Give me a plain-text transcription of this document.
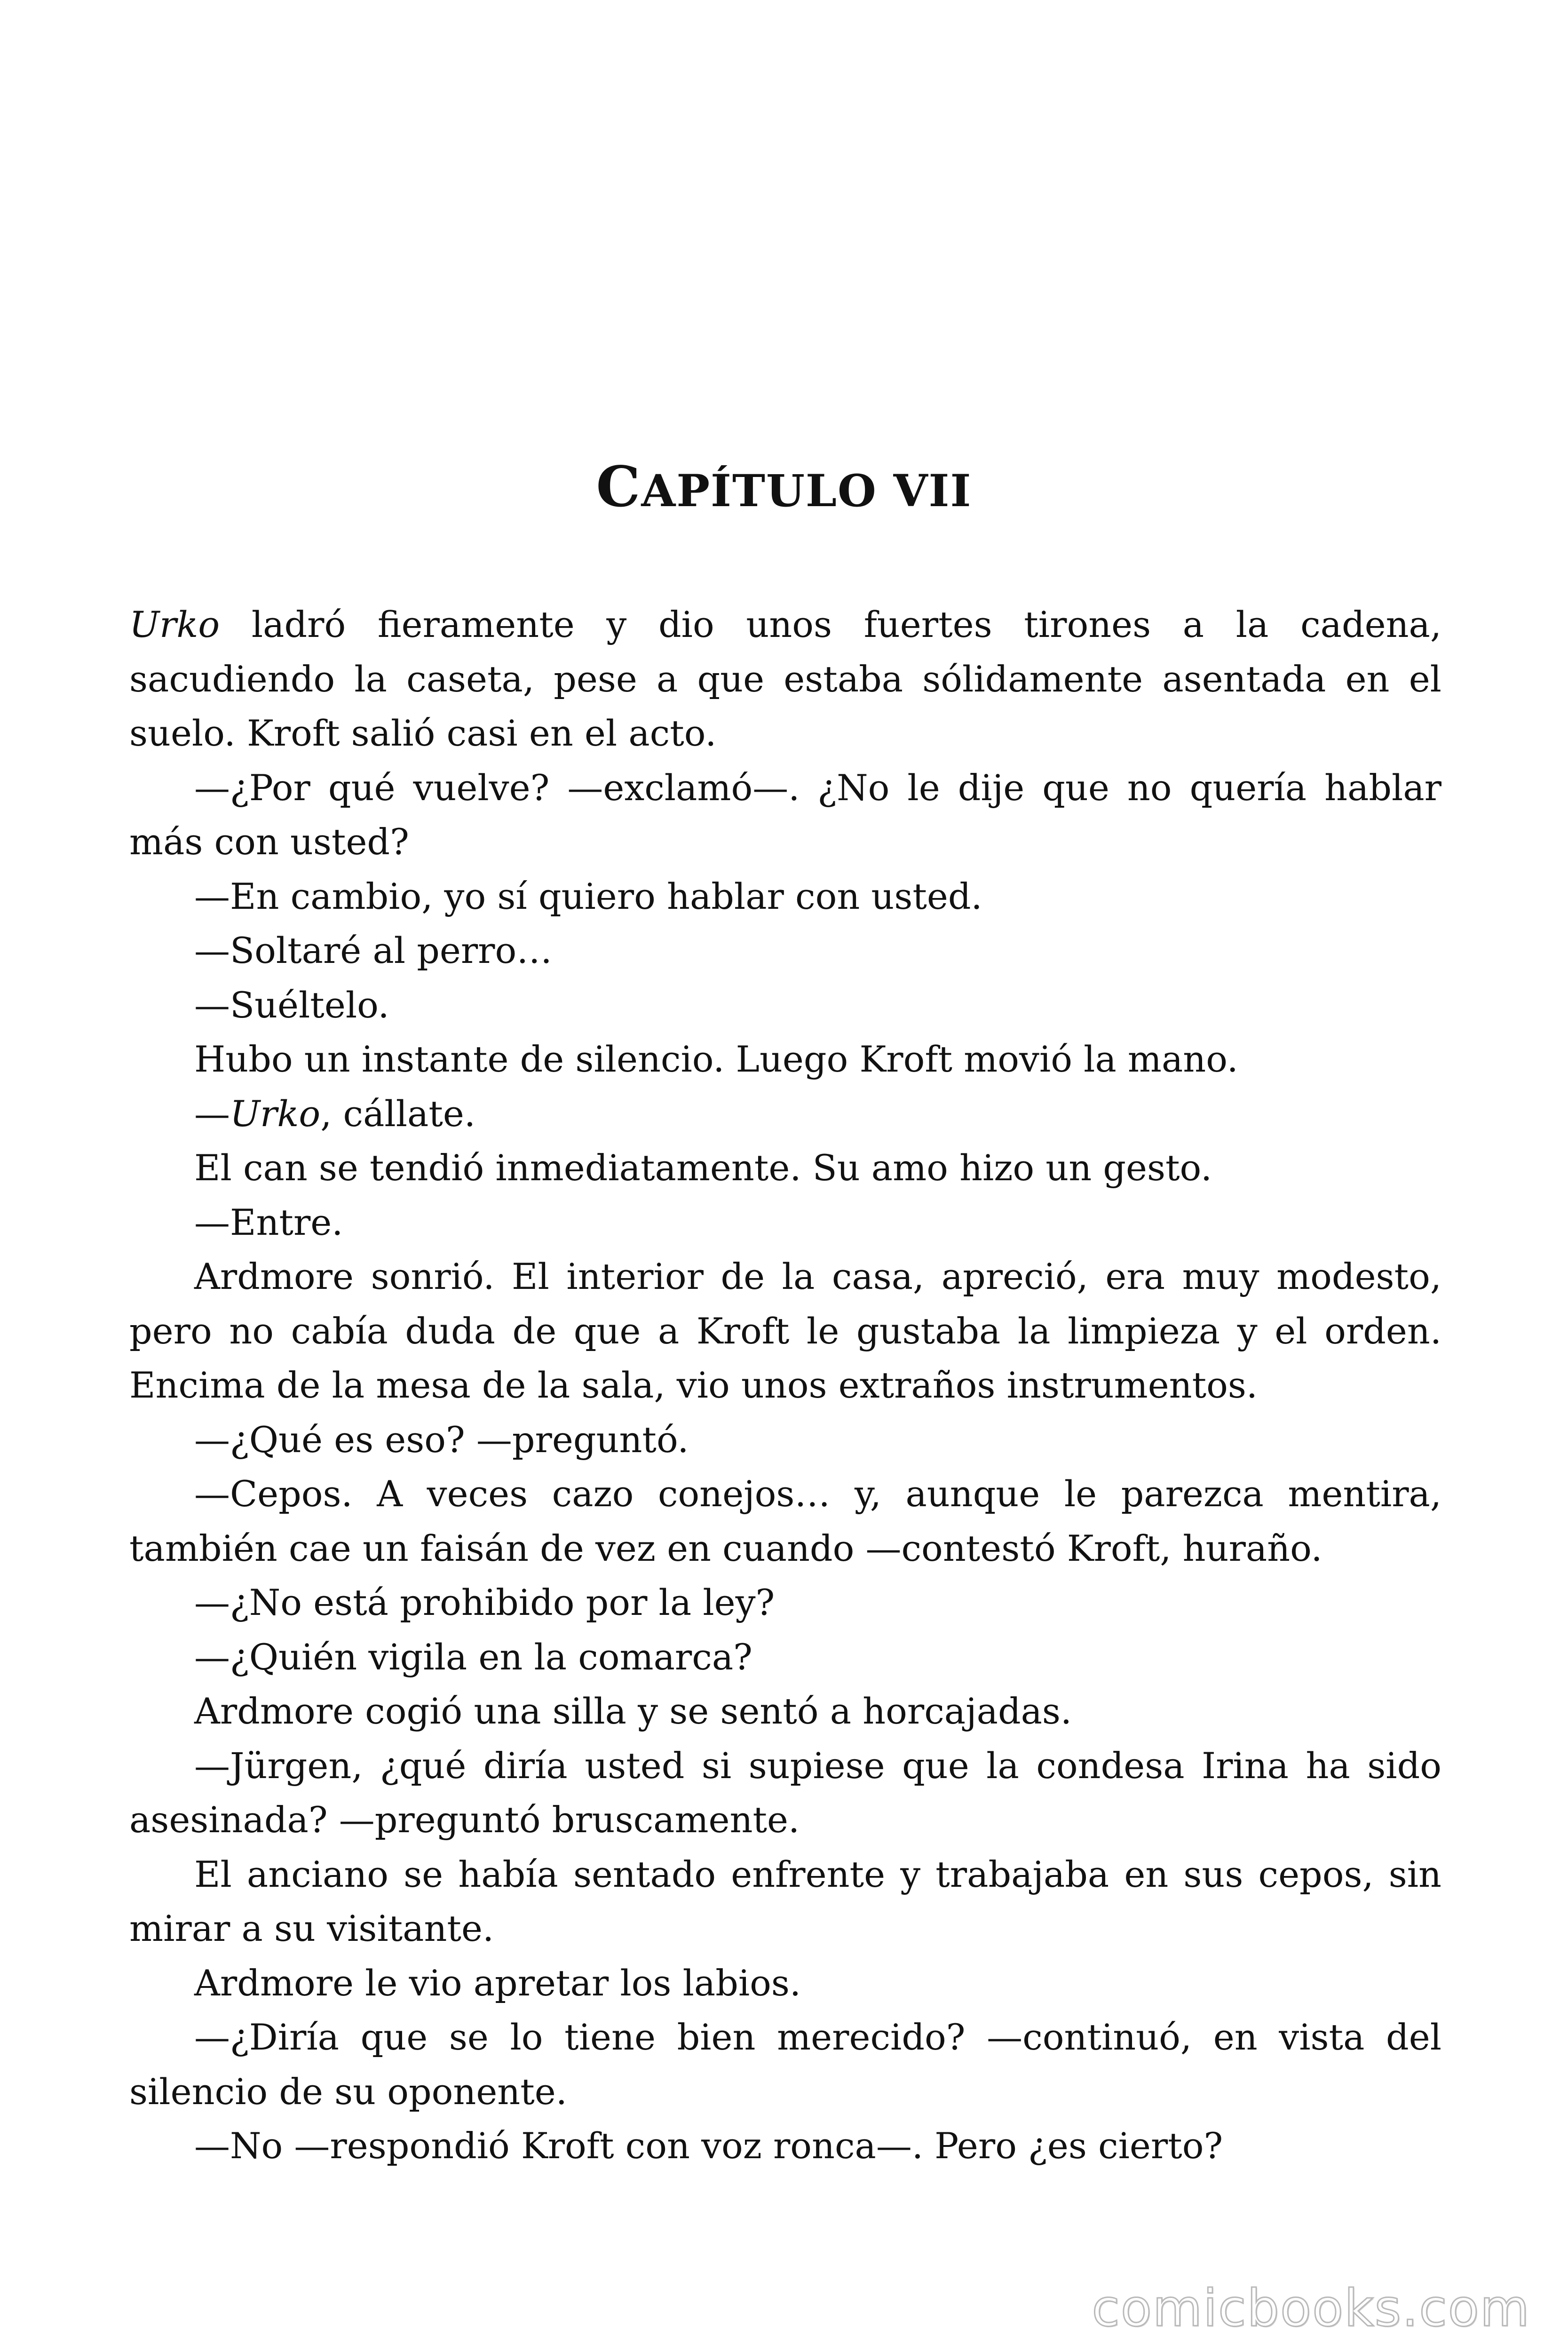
CAPÍTULO VII

Urko ladró fieramente y dio unos fuertes tirones a la cadena, sacudiendo la caseta, pese a que estaba sólidamente asentada en el suelo. Kroft salió casi en el acto.

—¿Por qué vuelve? —exclamó—. ¿No le dije que no quería hablar más con usted?

—En cambio, yo sí quiero hablar con usted.

—Soltaré al perro…

—Suéltelo.

Hubo un instante de silencio. Luego Kroft movió la mano.

—Urko, cállate.

El can se tendió inmediatamente. Su amo hizo un gesto.

—Entre.

Ardmore sonrió. El interior de la casa, apreció, era muy modesto, pero no cabía duda de que a Kroft le gustaba la limpieza y el orden. Encima de la mesa de la sala, vio unos extraños instrumentos.

—¿Qué es eso? —preguntó.

—Cepos. A veces cazo conejos… y, aunque le parezca mentira, también cae un faisán de vez en cuando —contestó Kroft, huraño.

—¿No está prohibido por la ley?

—¿Quién vigila en la comarca?

Ardmore cogió una silla y se sentó a horcajadas.

—Jürgen, ¿qué diría usted si supiese que la condesa Irina ha sido asesinada? —preguntó bruscamente.

El anciano se había sentado enfrente y trabajaba en sus cepos, sin mirar a su visitante.

Ardmore le vio apretar los labios.

—¿Diría que se lo tiene bien merecido? —continuó, en vista del silencio de su oponente.

—No —respondió Kroft con voz ronca—. Pero ¿es cierto?

comicbooks.com
